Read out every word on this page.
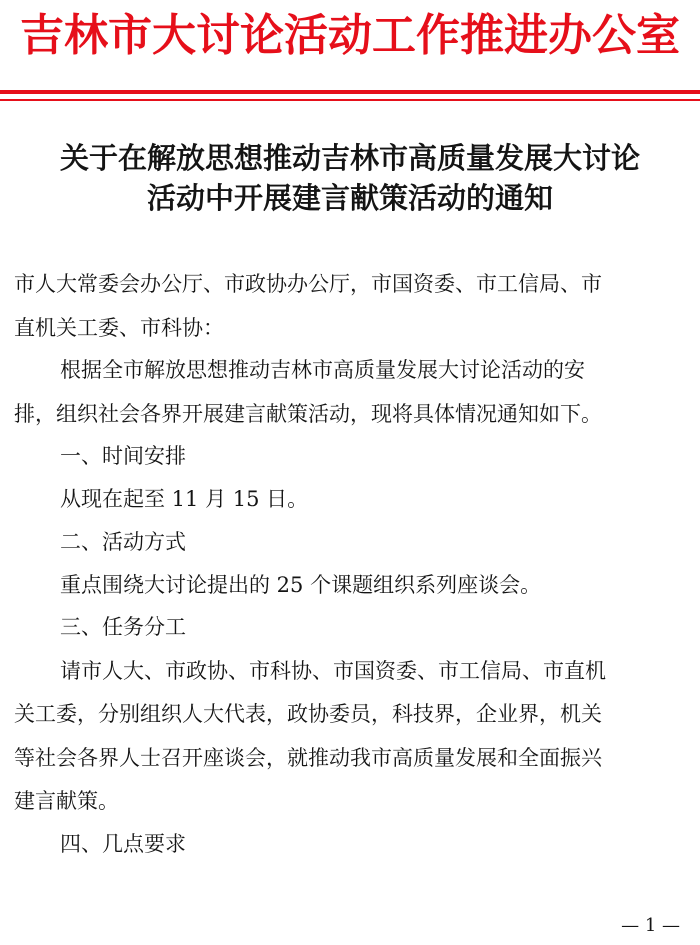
吉林市大讨论活动工作推进办公室
关于在解放思想推动吉林市高质量发展大讨论
活动中开展建言献策活动的通知
市人大常委会办公厅、市政协办公厅，市国资委、市工信局、市
直机关工委、市科协：
根据全市解放思想推动吉林市高质量发展大讨论活动的安
排，组织社会各界开展建言献策活动，现将具体情况通知如下。
一、时间安排
从现在起至 11 月 15 日。
二、活动方式
重点围绕大讨论提出的 25 个课题组织系列座谈会。
三、任务分工
请市人大、市政协、市科协、市国资委、市工信局、市直机
关工委，分别组织人大代表，政协委员，科技界，企业界，机关
等社会各界人士召开座谈会，就推动我市高质量发展和全面振兴
建言献策。
四、几点要求
— 1 —
